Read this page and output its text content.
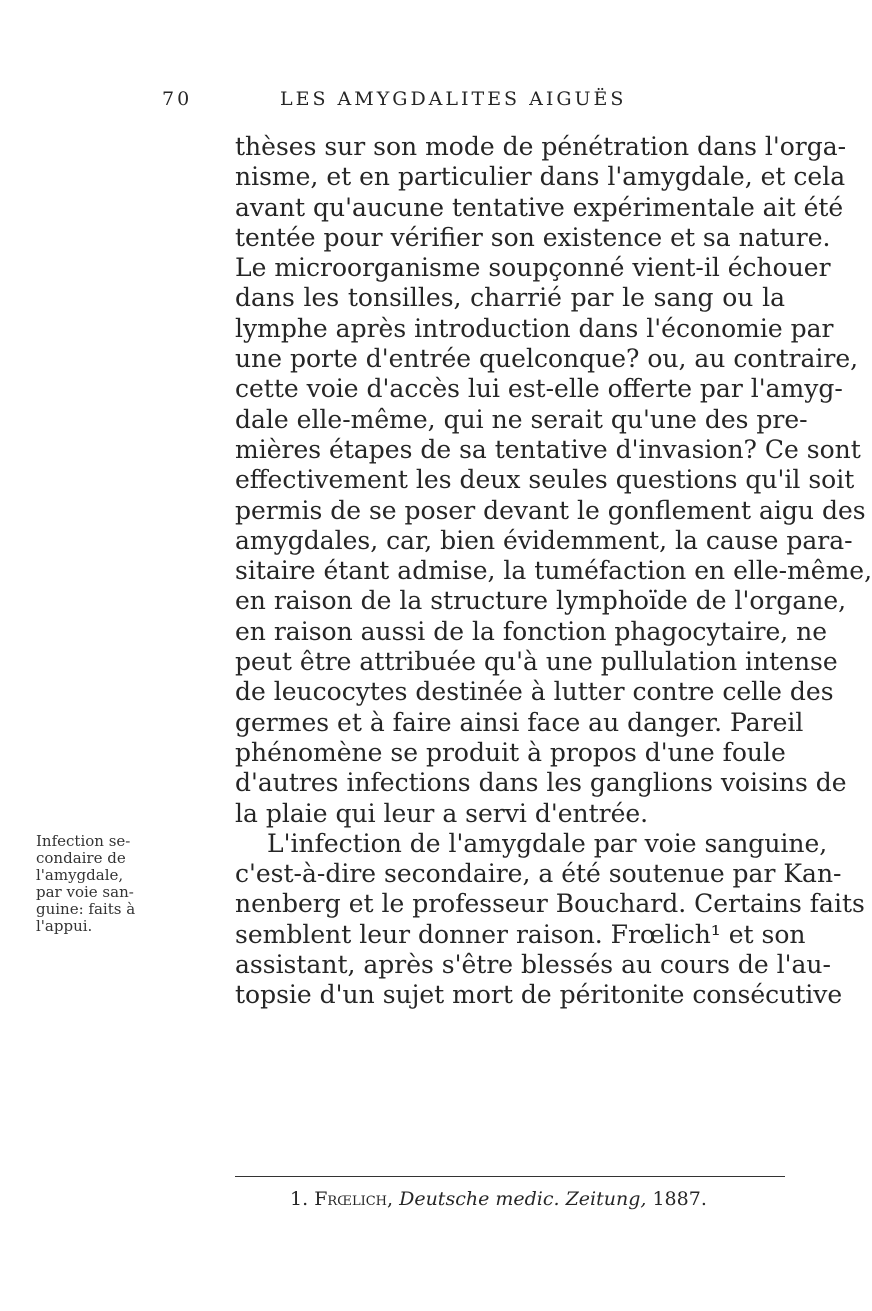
70	LES AMYGDALITES AIGUËS
thèses sur son mode de pénétration dans l'orga-
nisme, et en particulier dans l'amygdale, et cela
avant qu'aucune tentative expérimentale ait été
tentée pour vérifier son existence et sa nature.
Le microorganisme soupçonné vient-il échouer
dans les tonsilles, charrié par le sang ou la
lymphe après introduction dans l'économie par
une porte d'entrée quelconque? ou, au contraire,
cette voie d'accès lui est-elle offerte par l'amyg-
dale elle-même, qui ne serait qu'une des pre-
mières étapes de sa tentative d'invasion? Ce sont
effectivement les deux seules questions qu'il soit
permis de se poser devant le gonflement aigu des
amygdales, car, bien évidemment, la cause para-
sitaire étant admise, la tuméfaction en elle-même,
en raison de la structure lymphoïde de l'organe,
en raison aussi de la fonction phagocytaire, ne
peut être attribuée qu'à une pullulation intense
de leucocytes destinée à lutter contre celle des
germes et à faire ainsi face au danger. Pareil
phénomène se produit à propos d'une foule
d'autres infections dans les ganglions voisins de
la plaie qui leur a servi d'entrée.
L'infection de l'amygdale par voie sanguine,
c'est-à-dire secondaire, a été soutenue par Kan-
nenberg et le professeur Bouchard. Certains faits
semblent leur donner raison. Frœlich¹ et son
assistant, après s'être blessés au cours de l'au-
topsie d'un sujet mort de péritonite consécutive
Infection se-
condaire de
l'amygdale,
par voie san-
guine: faits à
l'appui.
1. Frœlich, Deutsche medic. Zeitung, 1887.
